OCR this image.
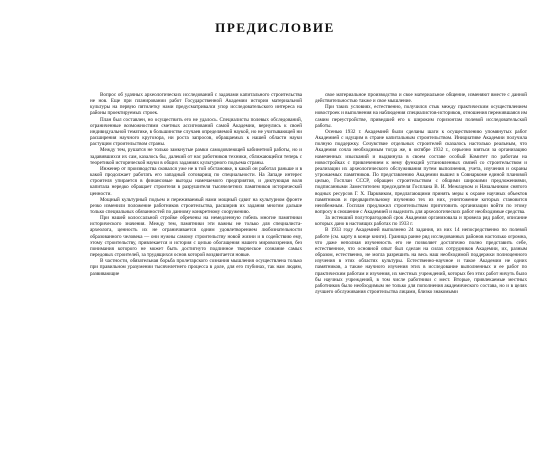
ПРЕДИСЛОВИЕ

Вопрос об удачных археологических исследований с задачами капитального строительства не нов. Еще при планировании работ Государственной Академии истории материальной культуры на первую пятилетку нами предусматривался упор исследовательского интереса на районы проектируемых строек.

План был составлен, но осуществить его не удалось. Специалисты полевых обследований, ограниченные возможностями сметных ассигнований самой Академии, вернулись к своей индивидуальной тематике, в большинстве случаев определяемой наукой, но не учитывающей ни расширения научного кругозора, ни роста запросов, обращаемых к нашей области науки растущим строительством страны.

Между тем, рушатся не только замкнутые рамки самодовлеющей кабинетной работы, но и задавившихся их сам, казалось бы, далекий от нас работников техники, сближающейся теперь с теоретикой исторической науки в общих заданиях культурного подъема страны.

Инженер от производства сковался уже не в той обстановке, в какой он работал раньше и в какой продолжает работать его западный сотоварищ по специальности. На Западе интерес строителя упирается в финансовые выгоды намечаемого предприятия, и диктующая воля капитала нередко обращает строителя в разрушителя тысячелетних памятников исторической ценности.

Мощный культурный подъем и переживаемый нами мощный сдвиг на культурном фронте резко изменили положение работников строительства, расширив их задания многим дальше только специальных обязанностей по данному конкретному сооружению.

При нашей колоссальной стройке обречены на немедленную гибель многие памятники исторического значения. Между тем, памятники эти важны не только для специалиста-археолога, ценность их не ограничивается одним удовлетворением любознательности образованного человека — они нужны самому строительству новой жизни и в содействию ему, этому строительству, привлекается и история с целью обогащения нашего мировоззрения, без понимания которого не может быть достигнуто подлинное творческое сознание самых передовых строителей, за трудящихся основ которой воздвигается новые.

В частности, обязательная борьба пролетарского сознания мышления осуществлена только при правильном уразумении тысячелетнего процесса в доле, для его глубинах, так нам людям, развивающие

свое материальное производство и свое материальное общение, изменяют вместе с данной действительностью также и свое мышление.

При таких условиях, естественно, получился стык между практическим осуществлением новостроек и выполнения на наблюдения специалистов-историков, отношения пережившаяся им самим переустройстве, приведшей его к широким горизонтам полевой исследовательской работы.

Осенью 1932 г. Академией были сделаны шаги к осуществлению упомянутых работ Академией с идущим в стране капитальным строительством. Инициативе Академии получила полную поддержку. Сочувствие отдельных строителей сказалось настолько реальным, что Академия сочла необходимым тогда же, в октябре 1932 г., серьезно взяться за организацию намеченных изысканий и выдвинула в своем составе особый Комитет по работам на новостройках с привлечением к нему функций установленных связей со строительством и реализации их археологического обслуживания путем выполнения, учета, изучения и охраны угрожаемых памятников. По представлению Академии вышел в Совнаркоме единой плановой целью, Госплан СССР, обращен строительством с общими широкими предложениями, подписанными Заместителем председателя Госплана В. И. Межлауком и Начальником снятого водных ресурсов Г. X. Парквиком, предлагающими принять меры к охране научных объектов памятников и предварительному изучению тех из них, уничтожение которых становится неизбежным. Госплан предложил строительствам приготовить организации войти по этому вопросу в сношение с Академией и выделить для археологических работ необходимые средства.

За истекший полуторагодовой срок Академия организовала и провела ряд работ, описание которых дано в настоящих работах по 1933 г.

В 1933 году Академией выполнено 24 задания, из них 14 непосредственно по полевой работе (см. карту в конце книги). Граница ранне ряд исследованных районов настолько огромна, что даже неполная изученность его не позволяет достаточно полно представить себе, естественное, что основной опыт был сделан на силах сотрудников Академии, их, разным образом, естественно, не могла разрешить на весь наш необходимой поддержки полноценного изучения в этих областях культуры. Естественно-научное и такое Академии не одних памятников, а также научного изучения этих в исследование выполненных и ее работ по практическим работам и изучения, их местных учреждений, которых без этих работ ничуть было бы научных учреждений, в том числе работники с мест. Вторые, привлекаемые местных работников было необходимым не только для пополнения академического состава, но и в целях лучшего обслуживания строительства лицами, близко знакомыми
